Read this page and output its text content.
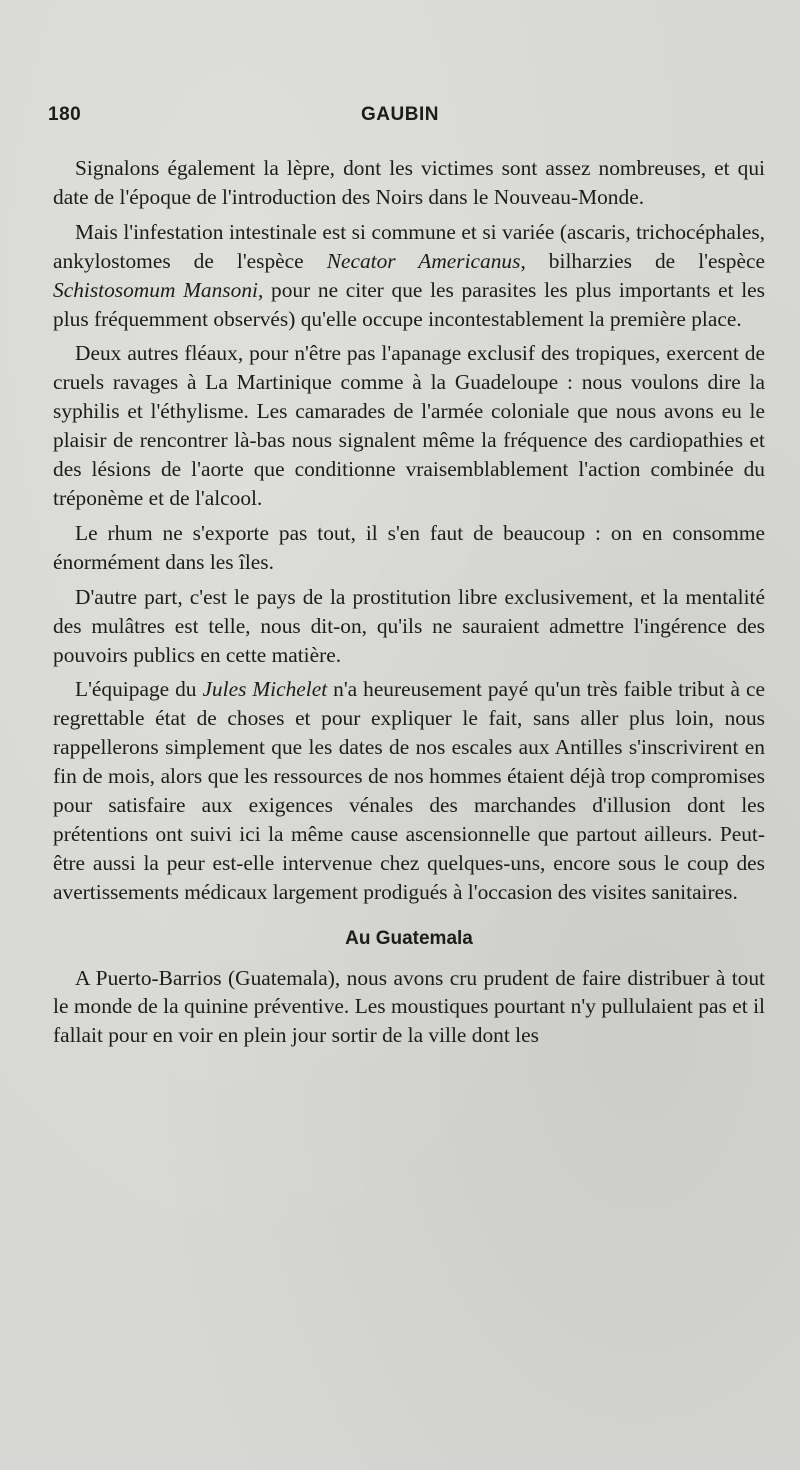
180	GAUBIN

Signalons également la lèpre, dont les victimes sont assez nombreuses, et qui date de l'époque de l'introduction des Noirs dans le Nouveau-Monde.

Mais l'infestation intestinale est si commune et si variée (ascaris, trichocéphales, ankylostomes de l'espèce Necator Americanus, bilharzies de l'espèce Schistosomum Mansoni, pour ne citer que les parasites les plus importants et les plus fréquemment observés) qu'elle occupe incontestablement la première place.

Deux autres fléaux, pour n'être pas l'apanage exclusif des tropiques, exercent de cruels ravages à La Martinique comme à la Guadeloupe : nous voulons dire la syphilis et l'éthylisme. Les camarades de l'armée coloniale que nous avons eu le plaisir de rencontrer là-bas nous signalent même la fréquence des cardiopathies et des lésions de l'aorte que conditionne vraisemblablement l'action combinée du tréponème et de l'alcool.

Le rhum ne s'exporte pas tout, il s'en faut de beaucoup : on en consomme énormément dans les îles.

D'autre part, c'est le pays de la prostitution libre exclusivement, et la mentalité des mulâtres est telle, nous dit-on, qu'ils ne sauraient admettre l'ingérence des pouvoirs publics en cette matière.

L'équipage du Jules Michelet n'a heureusement payé qu'un très faible tribut à ce regrettable état de choses et pour expliquer le fait, sans aller plus loin, nous rappellerons simplement que les dates de nos escales aux Antilles s'inscrivirent en fin de mois, alors que les ressources de nos hommes étaient déjà trop compromises pour satisfaire aux exigences vénales des marchandes d'illusion dont les prétentions ont suivi ici la même cause ascensionnelle que partout ailleurs. Peut-être aussi la peur est-elle intervenue chez quelques-uns, encore sous le coup des avertissements médicaux largement prodigués à l'occasion des visites sanitaires.

Au Guatemala

A Puerto-Barrios (Guatemala), nous avons cru prudent de faire distribuer à tout le monde de la quinine préventive. Les moustiques pourtant n'y pullulaient pas et il fallait pour en voir en plein jour sortir de la ville dont les
